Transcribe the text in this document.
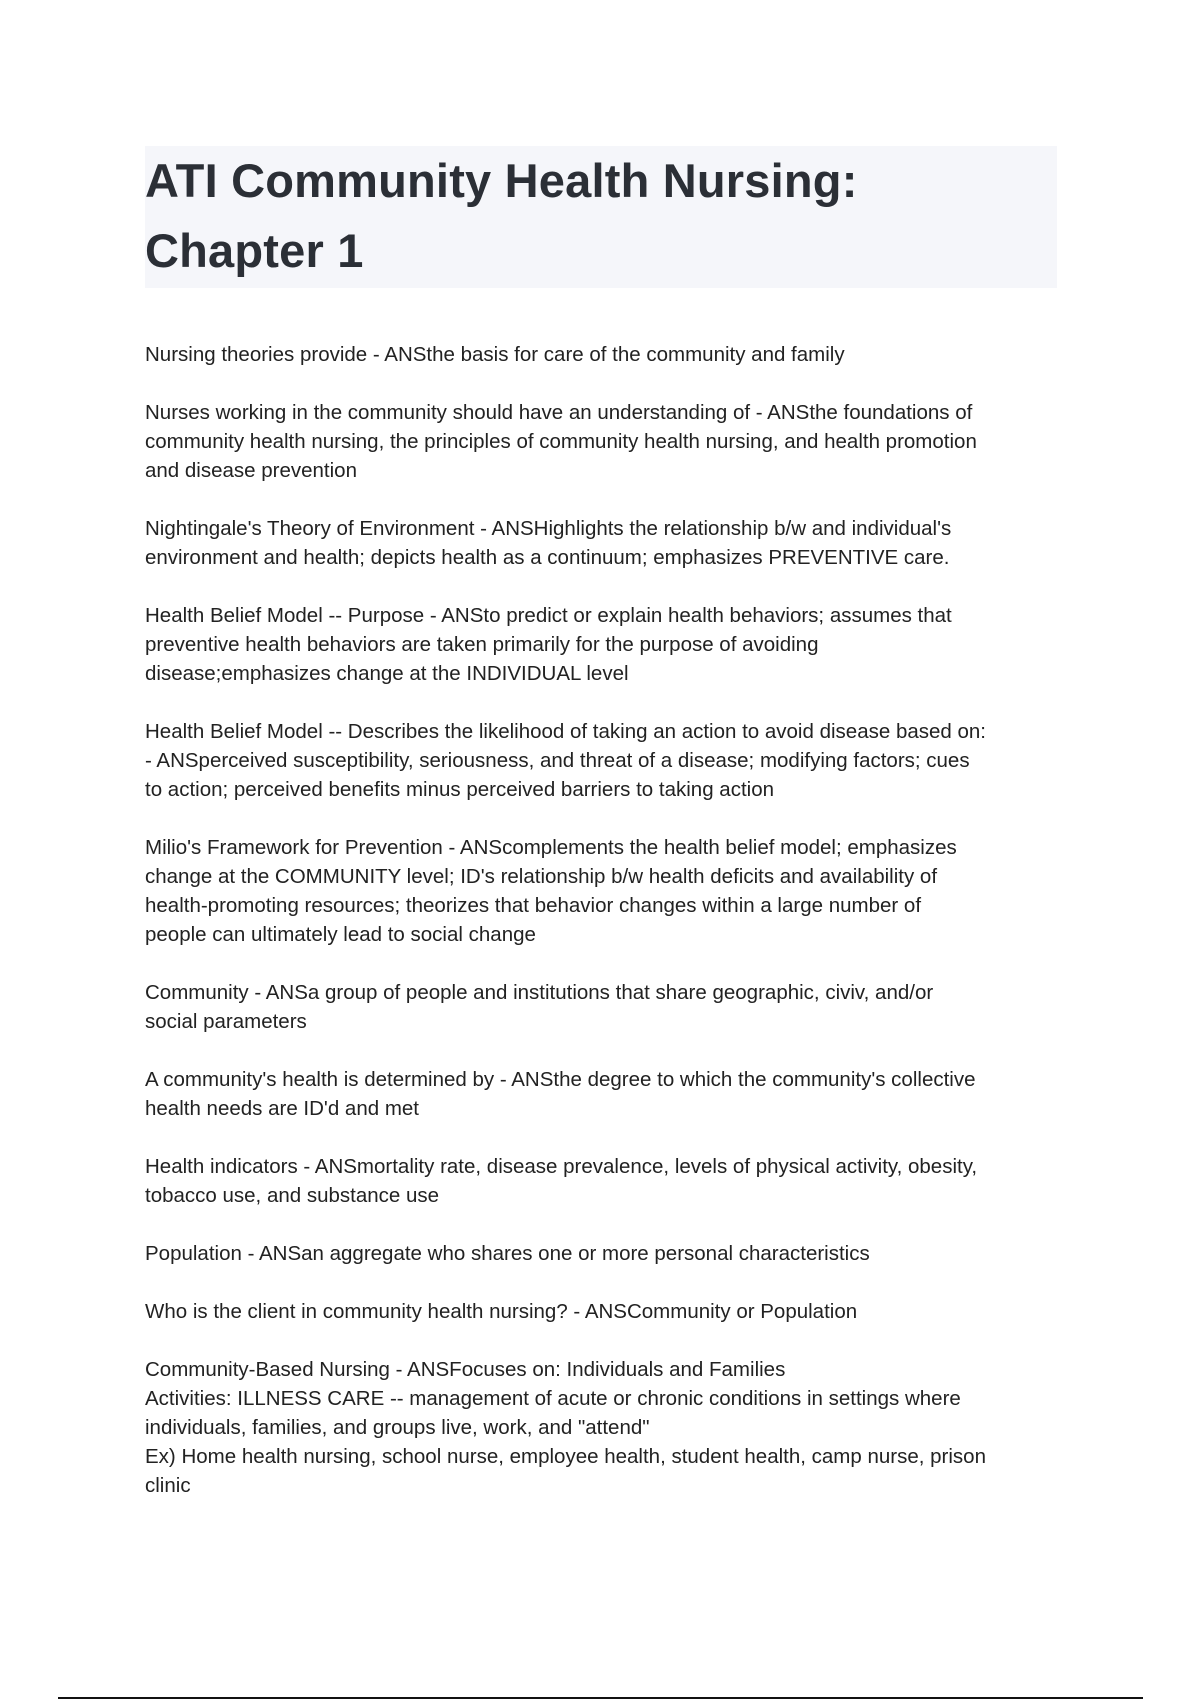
ATI Community Health Nursing:
Chapter 1

Nursing theories provide - ANSthe basis for care of the community and family

Nurses working in the community should have an understanding of - ANSthe foundations of
community health nursing, the principles of community health nursing, and health promotion
and disease prevention

Nightingale's Theory of Environment - ANSHighlights the relationship b/w and individual's
environment and health; depicts health as a continuum; emphasizes PREVENTIVE care.

Health Belief Model -- Purpose - ANSto predict or explain health behaviors; assumes that
preventive health behaviors are taken primarily for the purpose of avoiding
disease;emphasizes change at the INDIVIDUAL level

Health Belief Model -- Describes the likelihood of taking an action to avoid disease based on:
- ANSperceived susceptibility, seriousness, and threat of a disease; modifying factors; cues
to action; perceived benefits minus perceived barriers to taking action

Milio's Framework for Prevention - ANScomplements the health belief model; emphasizes
change at the COMMUNITY level; ID's relationship b/w health deficits and availability of
health-promoting resources; theorizes that behavior changes within a large number of
people can ultimately lead to social change

Community - ANSa group of people and institutions that share geographic, civiv, and/or
social parameters

A community's health is determined by - ANSthe degree to which the community's collective
health needs are ID'd and met

Health indicators - ANSmortality rate, disease prevalence, levels of physical activity, obesity,
tobacco use, and substance use

Population - ANSan aggregate who shares one or more personal characteristics

Who is the client in community health nursing? - ANSCommunity or Population

Community-Based Nursing - ANSFocuses on: Individuals and Families
Activities: ILLNESS CARE -- management of acute or chronic conditions in settings where
individuals, families, and groups live, work, and "attend"
Ex) Home health nursing, school nurse, employee health, student health, camp nurse, prison
clinic
